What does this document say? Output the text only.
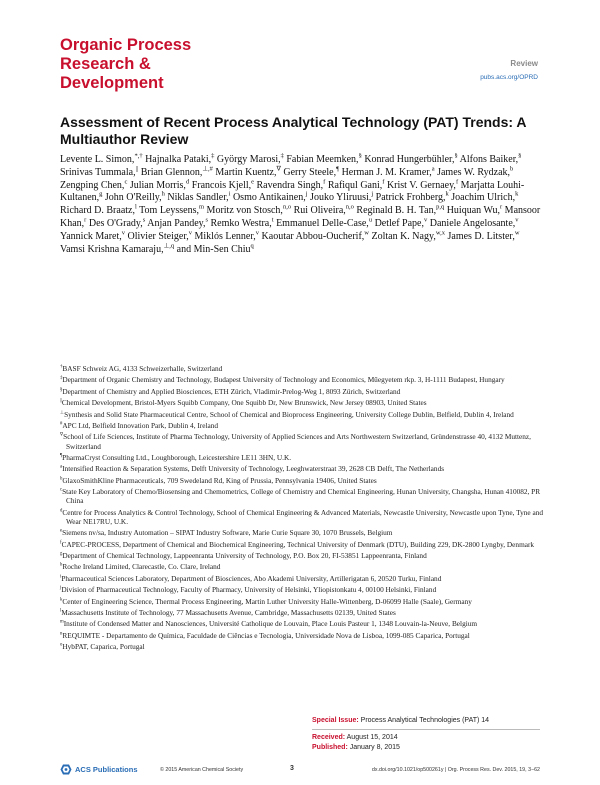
Organic Process
Research &
Development
Review
pubs.acs.org/OPRD
Assessment of Recent Process Analytical Technology (PAT) Trends: A Multiauthor Review
Levente L. Simon,*,† Hajnalka Pataki,‡ György Marosi,‡ Fabian Meemken,§ Konrad Hungerbühler,§ Alfons Baiker,§ Srinivas Tummala,|| Brian Glennon,⊥,# Martin Kuentz,∇ Gerry Steele,¶ Herman J. M. Kramer,$^a$ James W. Rydzak,$^b$ Zengping Chen,$^c$ Julian Morris,$^d$ Francois Kjell,$^e$ Ravendra Singh,$^f$ Rafiqul Gani,$^f$ Krist V. Gernaey,$^f$ Marjatta Louhi-Kultanen,$^g$ John O'Reilly,$^h$ Niklas Sandler,$^i$ Osmo Antikainen,$^j$ Jouko Yliruusi,$^j$ Patrick Frohberg,$^k$ Joachim Ulrich,$^k$ Richard D. Braatz,$^l$ Tom Leyssens,$^m$ Moritz von Stosch,$^{n,o}$ Rui Oliveira,$^{n,o}$ Reginald B. H. Tan,$^{p,q}$ Huiquan Wu,$^r$ Mansoor Khan,$^r$ Des O'Grady,$^s$ Anjan Pandey,$^s$ Remko Westra,$^t$ Emmanuel Delle-Case,$^u$ Detlef Pape,$^v$ Daniele Angelosante,$^v$ Yannick Maret,$^v$ Olivier Steiger,$^v$ Miklós Lenner,$^v$ Kaoutar Abbou-Oucherif,$^w$ Zoltan K. Nagy,$^{w,x}$ James D. Litster,$^w$ Vamsi Krishna Kamaraju,$^{\perp,q}$ and Min-Sen Chiu$^q$
†BASF Schweiz AG, 4133 Schweizerhalle, Switzerland
‡Department of Organic Chemistry and Technology, Budapest University of Technology and Economics, Műegyetem rkp. 3, H-1111 Budapest, Hungary
§Department of Chemistry and Applied Biosciences, ETH Zürich, Vladimir-Prelog-Weg 1, 8093 Zürich, Switzerland
||Chemical Development, Bristol-Myers Squibb Company, One Squibb Dr, New Brunswick, New Jersey 08903, United States
⊥Synthesis and Solid State Pharmaceutical Centre, School of Chemical and Bioprocess Engineering, University College Dublin, Belfield, Dublin 4, Ireland
#APC Ltd, Belfield Innovation Park, Dublin 4, Ireland
∇School of Life Sciences, Institute of Pharma Technology, University of Applied Sciences and Arts Northwestern Switzerland, Gründenstrasse 40, 4132 Muttenz, Switzerland
¶PharmaCryst Consulting Ltd., Loughborough, Leicestershire LE11 3HN, U.K.
$^a$Intensified Reaction & Separation Systems, Delft University of Technology, Leeghwaterstraat 39, 2628 CB Delft, The Netherlands
$^b$GlaxoSmithKline Pharmaceuticals, 709 Swedeland Rd, King of Prussia, Pennsylvania 19406, United States
$^c$State Key Laboratory of Chemo/Biosensing and Chemometrics, College of Chemistry and Chemical Engineering, Hunan University, Changsha, Hunan 410082, PR China
$^d$Centre for Process Analytics & Control Technology, School of Chemical Engineering & Advanced Materials, Newcastle University, Newcastle upon Tyne, Tyne and Wear NE17RU, U.K.
$^e$Siemens nv/sa, Industry Automation – SIPAT Industry Software, Marie Curie Square 30, 1070 Brussels, Belgium
$^f$CAPEC-PROCESS, Department of Chemical and Biochemical Engineering, Technical University of Denmark (DTU), Building 229, DK-2800 Lyngby, Denmark
$^g$Department of Chemical Technology, Lappeenranta University of Technology, P.O. Box 20, FI-53851 Lappeenranta, Finland
$^h$Roche Ireland Limited, Clarecastle, Co. Clare, Ireland
$^i$Pharmaceutical Sciences Laboratory, Department of Biosciences, Abo Akademi University, Artillerigatan 6, 20520 Turku, Finland
$^j$Division of Pharmaceutical Technology, Faculty of Pharmacy, University of Helsinki, Yliopistonkatu 4, 00100 Helsinki, Finland
$^k$Center of Engineering Science, Thermal Process Engineering, Martin Luther University Halle-Wittenberg, D-06099 Halle (Saale), Germany
$^l$Massachusetts Institute of Technology, 77 Massachusetts Avenue, Cambridge, Massachusetts 02139, United States
$^m$Institute of Condensed Matter and Nanosciences, Université Catholique de Louvain, Place Louis Pasteur 1, 1348 Louvain-la-Neuve, Belgium
$^n$REQUIMTE - Departamento de Química, Faculdade de Ciências e Tecnologia, Universidade Nova de Lisboa, 1099-085 Caparica, Portugal
$^o$HybPAT, Caparica, Portugal
Special Issue: Process Analytical Technologies (PAT) 14
Received: August 15, 2014
Published: January 8, 2015
ACS Publications	© 2015 American Chemical Society	3	dx.doi.org/10.1021/op500261y | Org. Process Res. Dev. 2015, 19, 3−62
